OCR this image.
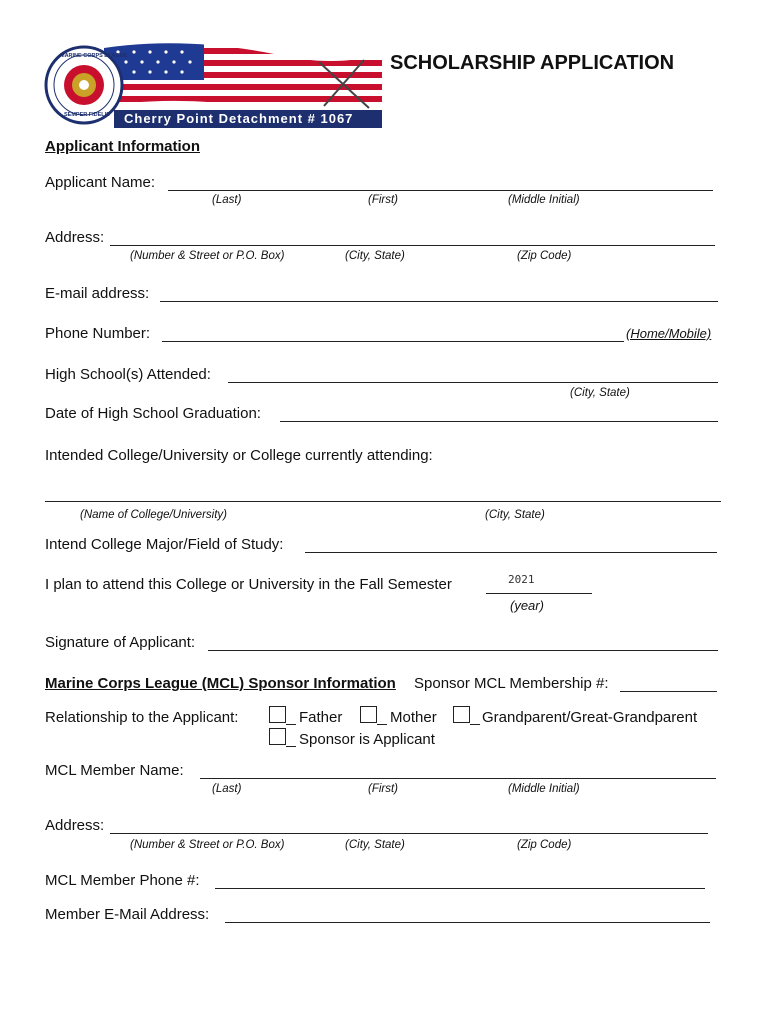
MARINE CORPS LEAGUE
SEMPER FIDELIS Cherry Point Detachment # 1067
SCHOLARSHIP APPLICATION
Applicant Information
Applicant Name:
(Last)	(First)	(Middle Initial)
Address:
(Number & Street or P.O. Box)	(City, State)	(Zip Code)
E-mail address:
Phone Number:	(Home/Mobile)
High School(s) Attended:
(City, State)
Date of High School Graduation:
Intended College/University or College currently attending:
(Name of College/University)	(City, State)
Intend College Major/Field of Study:
I plan to attend this College or University in the Fall Semester	2021
(year)
Signature of Applicant:
Marine Corps League (MCL) Sponsor Information Sponsor MCL Membership #:
Relationship to the Applicant:	Father	Mother	Grandparent/Great-Grandparent
Sponsor is Applicant
MCL Member Name:
(Last)	(First)	(Middle Initial)
Address:
(Number & Street or P.O. Box)	(City, State)	(Zip Code)
MCL Member Phone #:
Member E-Mail Address:
